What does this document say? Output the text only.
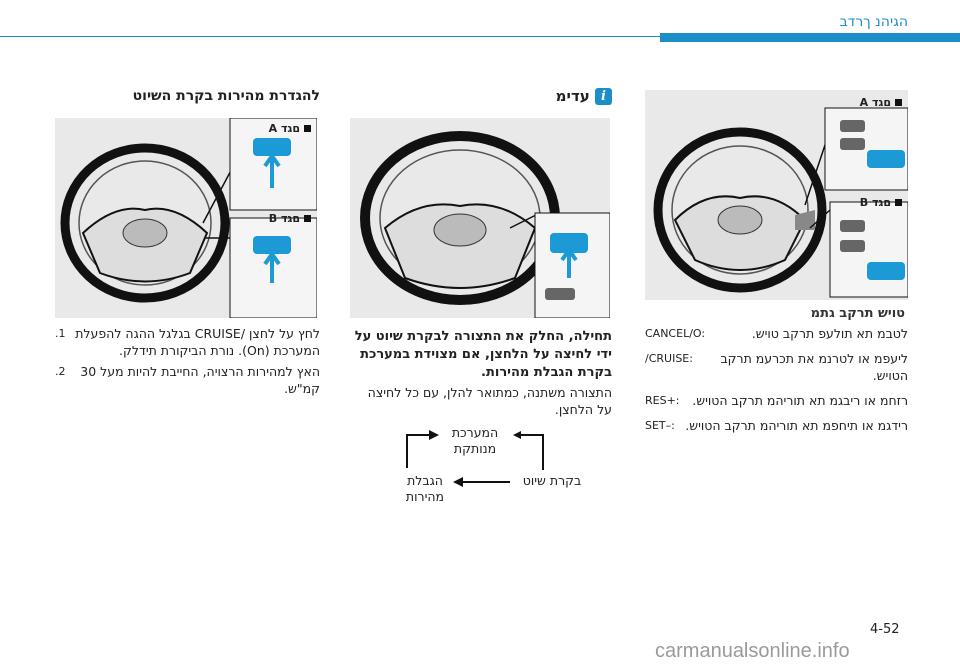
הגיהנ ךרדב
A םגד
B םגד
טויש תרקב גתמ
CANCEL/O:	לטבמ תא תולעפ תרקב טויש.
/CRUISE:	ליעפמ או לטרנמ את תכרעמ תרקב הטויש.
RES+:	רזחמ או ריבגמ תא תוריהמ תרקב הטויש.
SET–: רידגמ או תיחפמ תא תוריהמ תרקב הטויש.
i עדימ
תחילה, החלק את התצורה לבקרת שיוט על ידי לחיצה על הלחצן, אם מצוידת במערכת בקרת הגבלת מהירות.
התצורה משתנה, כמתואר להלן, עם כל לחיצה על הלחצן.
המערכת מנותקת
הגבלת מהירות
בקרת שיוט
להגדרת מהירות בקרת השיוט
A םגד
B םגד
1. לחץ על לחצן /CRUISE בגלגל ההגה להפעלת המערכת (On). נורת הביקורת תידלק.
2.	האץ למהירות הרצויה, החייבת להיות מעל 30 קמ"ש.
4-52
carmanualsonline.info
